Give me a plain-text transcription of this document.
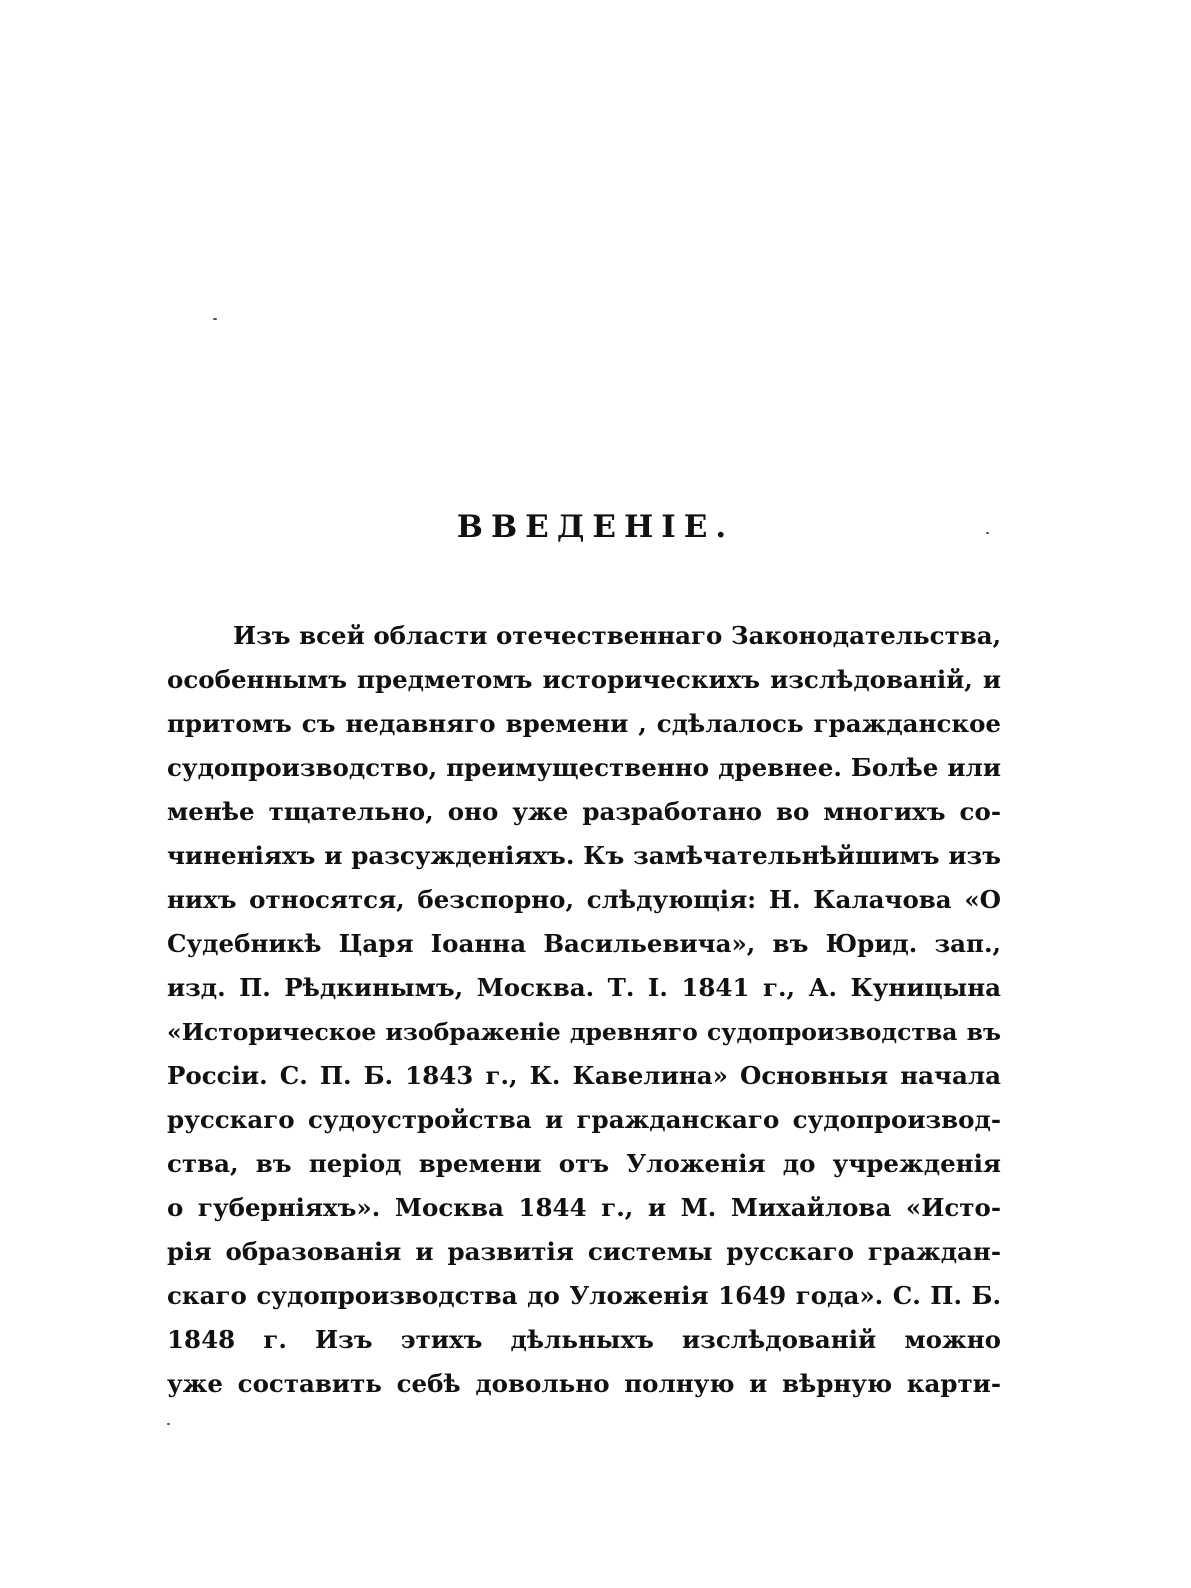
ВВЕДЕНІЕ.
Изъ всей области отечественнаго Законодательства,
особеннымъ предметомъ историческихъ изслѣдованій, и
притомъ съ недавняго времени , сдѣлалось гражданское
судопроизводство, преимущественно древнее. Болѣе или
менѣе тщательно, оно уже разработано во многихъ со-
чиненіяхъ и разсужденіяхъ. Къ замѣчательнѣйшимъ изъ
нихъ относятся, безспорно, слѣдующія: Н. Калачова «О
Судебникѣ Царя Іоанна Васильевича», въ Юрид. зап.,
изд. П. Рѣдкинымъ, Москва. Т. I. 1841 г., А. Куницына
«Историческое изображеніе древняго судопроизводства въ
Россіи. С. П. Б. 1843 г., К. Кавелина» Основныя начала
русскаго судоустройства и гражданскаго судопроизвод-
ства, въ період времени отъ Уложенія до учрежденія
о губерніяхъ». Москва 1844 г., и М. Михайлова «Исто-
рія образованія и развитія системы русскаго граждан-
скаго судопроизводства до Уложенія 1649 года». С. П. Б.
1848 г. Изъ этихъ дѣльныхъ изслѣдованій можно
уже составить себѣ довольно полную и вѣрную карти-
